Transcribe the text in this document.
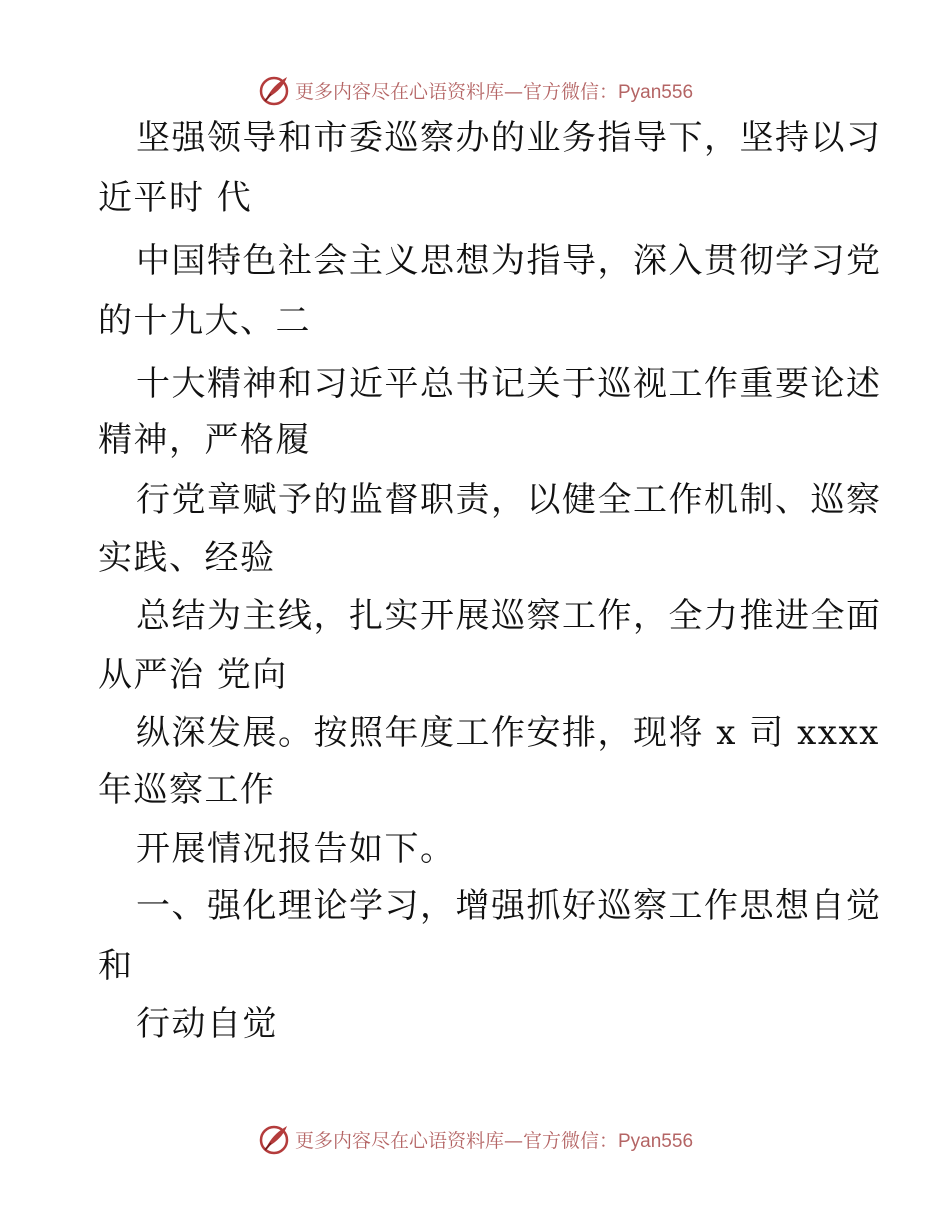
更多内容尽在心语资料库—官方微信：Pyan556
坚强领导和市委巡察办的业务指导下，坚持以习
近平时 代
中国特色社会主义思想为指导，深入贯彻学习党
的十九大、二
十大精神和习近平总书记关于巡视工作重要论述
精神，严格履
行党章赋予的监督职责，以健全工作机制、巡察
实践、经验
总结为主线，扎实开展巡察工作，全力推进全面
从严治 党向
纵深发展。按照年度工作安排，现将 x 司 xxxx
年巡察工作
开展情况报告如下。
一、强化理论学习，增强抓好巡察工作思想自觉
和
行动自觉
更多内容尽在心语资料库—官方微信：Pyan556
